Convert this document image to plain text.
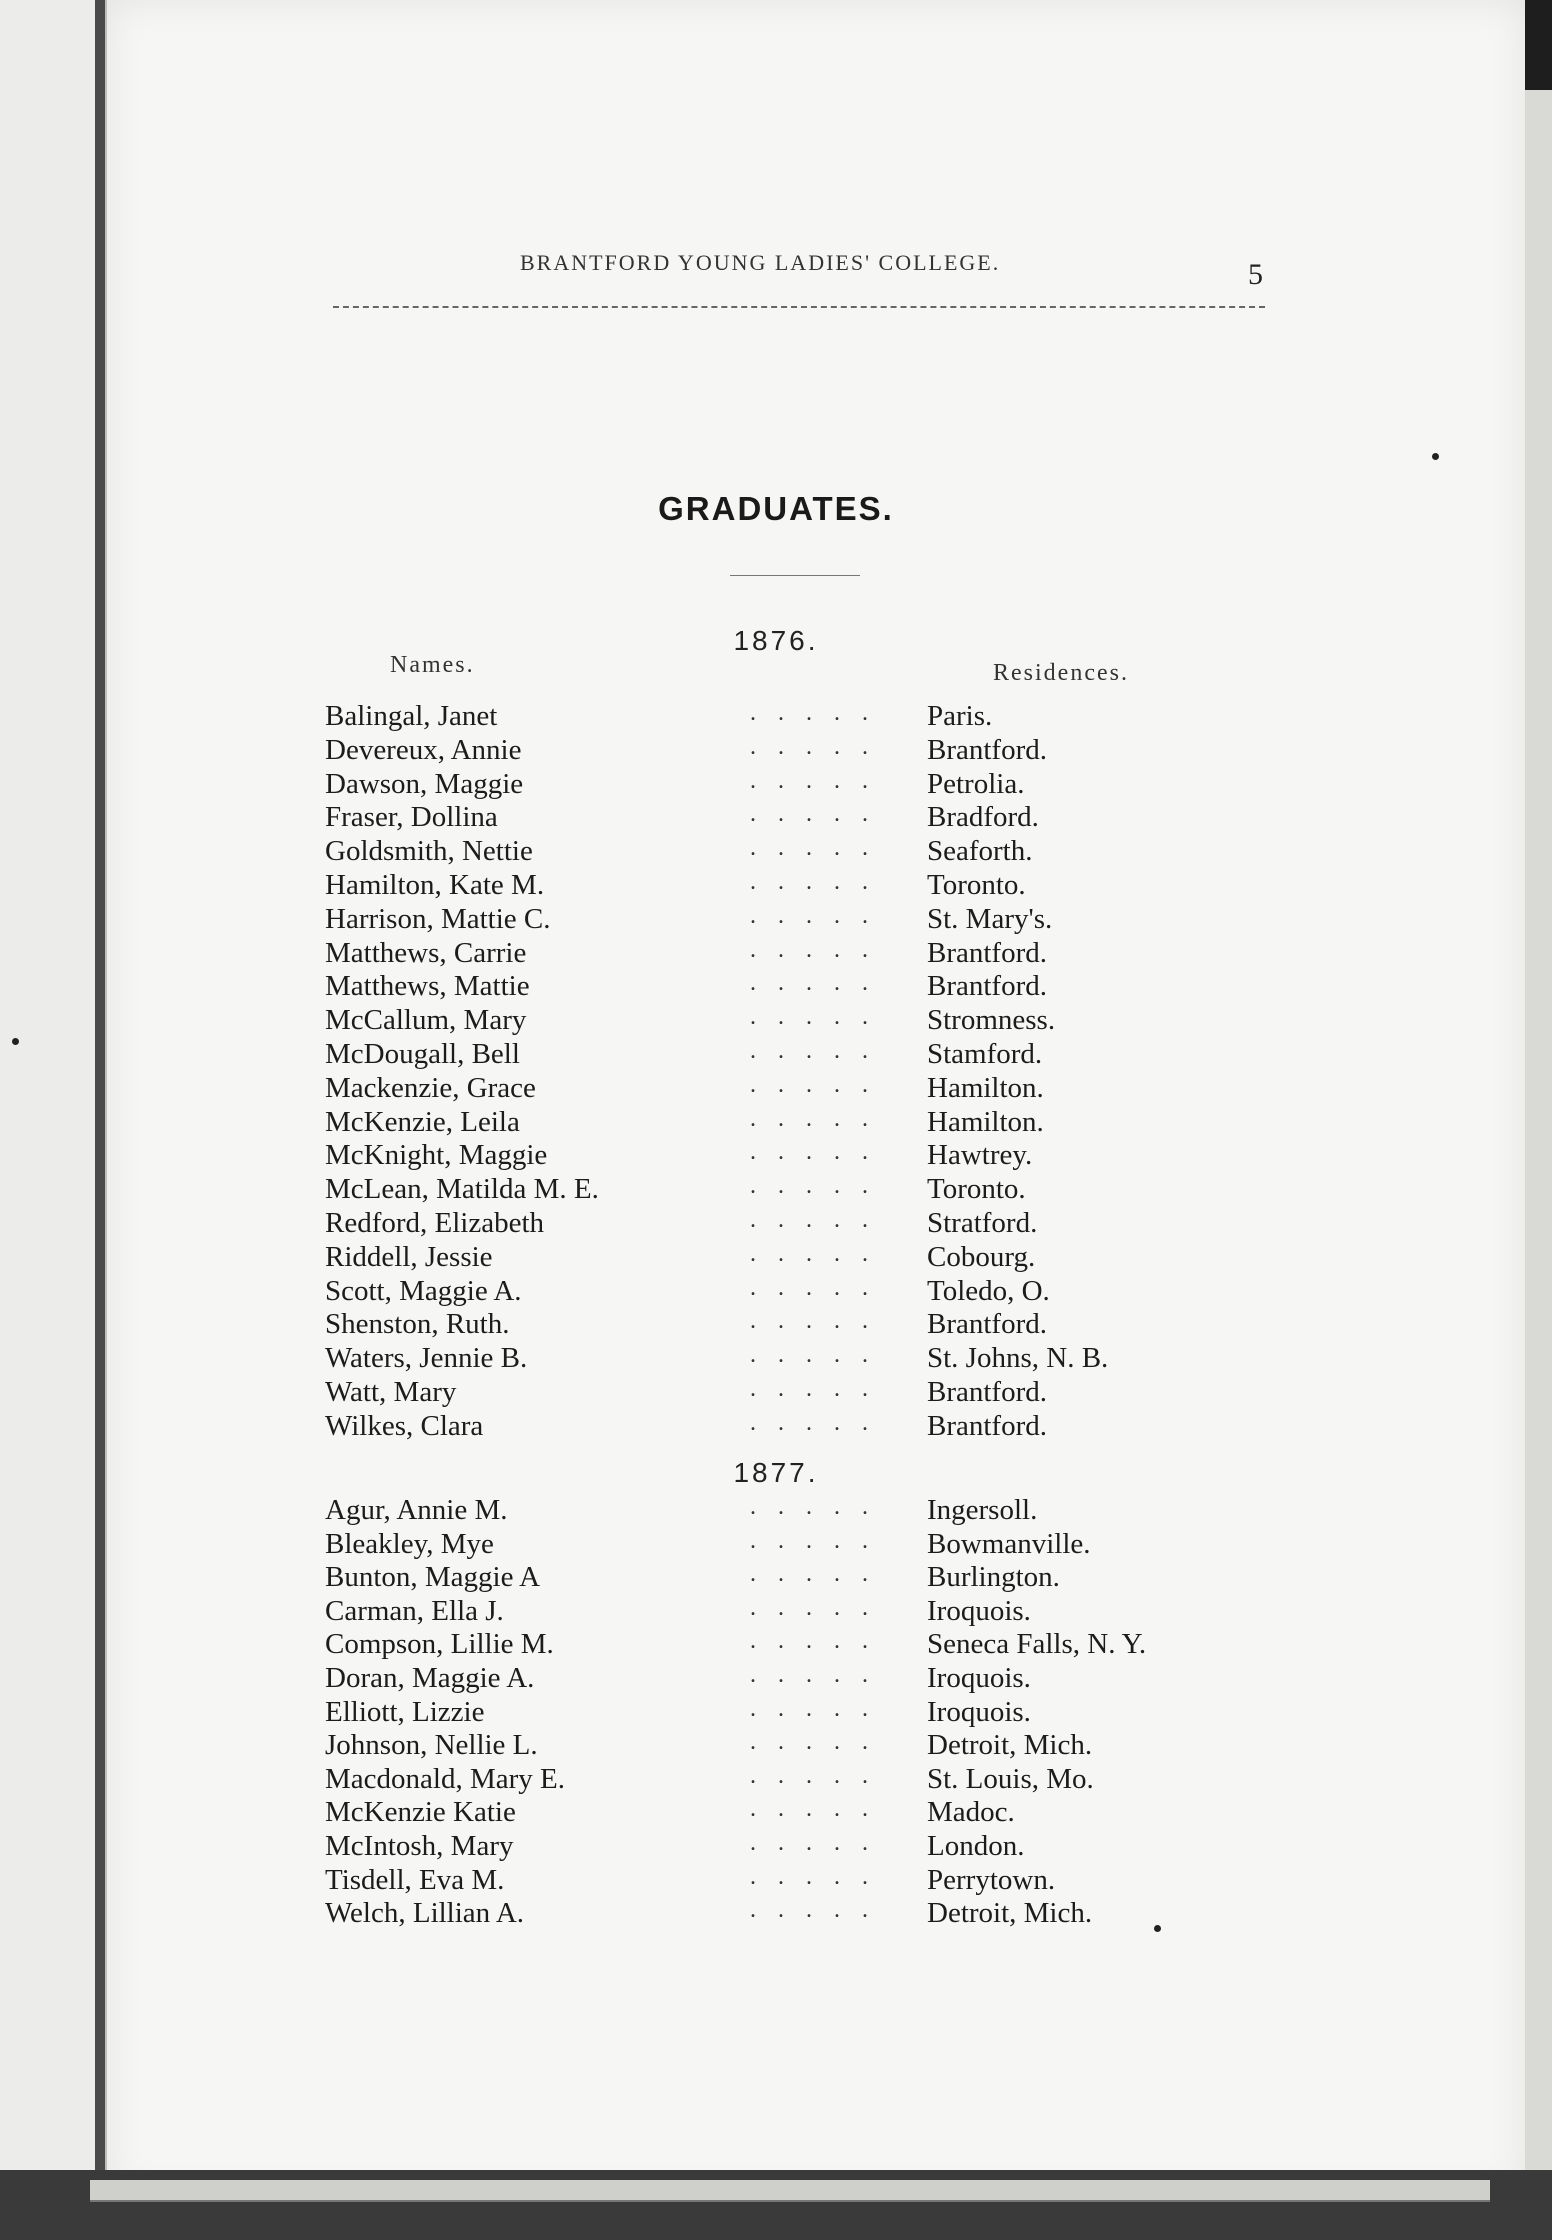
BRANTFORD YOUNG LADIES' COLLEGE.	5
GRADUATES.
1876.
Names.	Residences.
Balingal, Janet	..... Paris.
Devereux, Annie	..... Brantford.
Dawson, Maggie	..... Petrolia.
Fraser, Dollina	..... Bradford.
Goldsmith, Nettie	..... Seaforth.
Hamilton, Kate M.	..... Toronto.
Harrison, Mattie C.	..... St. Mary's.
Matthews, Carrie	..... Brantford.
Matthews, Mattie	..... Brantford.
McCallum, Mary	..... Stromness.
McDougall, Bell	..... Stamford.
Mackenzie, Grace	..... Hamilton.
McKenzie, Leila	..... Hamilton.
McKnight, Maggie	..... Hawtrey.
McLean, Matilda M. E.	..... Toronto.
Redford, Elizabeth	..... Stratford.
Riddell, Jessie	..... Cobourg.
Scott, Maggie A.	..... Toledo, O.
Shenston, Ruth.	..... Brantford.
Waters, Jennie B.	..... St. Johns, N. B.
Watt, Mary	..... Brantford.
Wilkes, Clara	..... Brantford.
1877.
Agur, Annie M.	..... Ingersoll.
Bleakley, Mye	..... Bowmanville.
Bunton, Maggie A	..... Burlington.
Carman, Ella J.	..... Iroquois.
Compson, Lillie M.	..... Seneca Falls, N. Y.
Doran, Maggie A.	..... Iroquois.
Elliott, Lizzie	..... Iroquois.
Johnson, Nellie L.	..... Detroit, Mich.
Macdonald, Mary E.	..... St. Louis, Mo.
McKenzie Katie	..... Madoc.
McIntosh, Mary	..... London.
Tisdell, Eva M.	..... Perrytown.
Welch, Lillian A.	..... Detroit, Mich.
